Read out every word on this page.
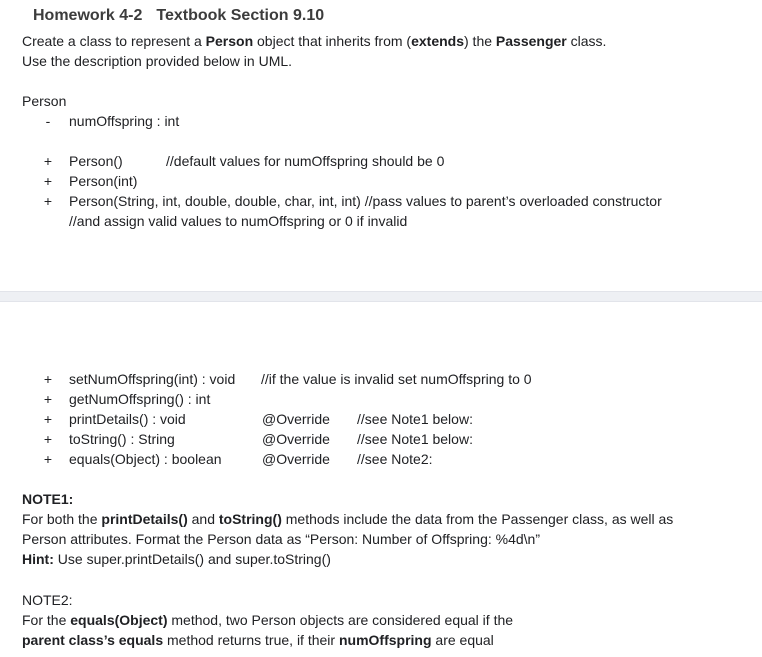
Homework 4-2 Textbook Section 9.10
Create a class to represent a Person object that inherits from (extends) the Passenger class.
Use the description provided below in UML.
Person
- numOffspring : int
+ Person()	//default values for numOffspring should be 0
+ Person(int)
+ Person(String, int, double, double, char, int, int) //pass values to parent’s overloaded constructor
//and assign valid values to numOffspring or 0 if invalid
+ setNumOffspring(int) : void //if the value is invalid set numOffspring to 0
+ getNumOffspring() : int
+ printDetails() : void	@Override //see Note1 below:
+ toString() : String	@Override //see Note1 below:
+ equals(Object) : boolean	@Override //see Note2:
NOTE1:
For both the printDetails() and toString() methods include the data from the Passenger class, as well as
Person attributes. Format the Person data as “Person: Number of Offspring: %4d\n”
Hint: Use super.printDetails() and super.toString()
NOTE2:
For the equals(Object) method, two Person objects are considered equal if the
parent class’s equals method returns true, if their numOffspring are equal
